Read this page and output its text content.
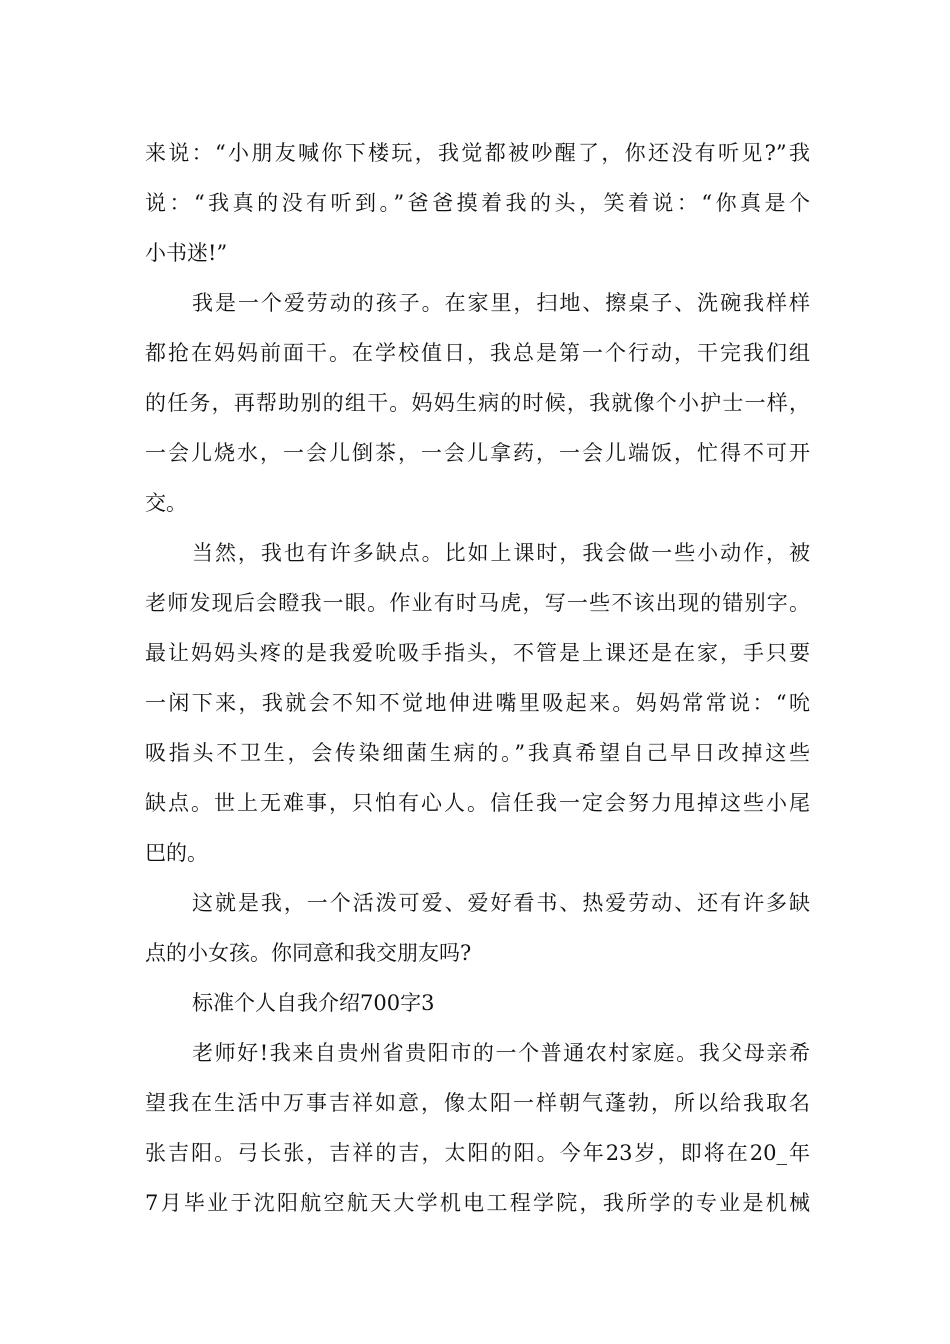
来说：“小朋友喊你下楼玩，我觉都被吵醒了，你还没有听见?”我
说：“我真的没有听到。”爸爸摸着我的头，笑着说：“你真是个
小书迷!”
我是一个爱劳动的孩子。在家里，扫地、擦桌子、洗碗我样样
都抢在妈妈前面干。在学校值日，我总是第一个行动，干完我们组
的任务，再帮助别的组干。妈妈生病的时候，我就像个小护士一样，
一会儿烧水，一会儿倒茶，一会儿拿药，一会儿端饭，忙得不可开
交。
当然，我也有许多缺点。比如上课时，我会做一些小动作，被
老师发现后会瞪我一眼。作业有时马虎，写一些不该出现的错别字。
最让妈妈头疼的是我爱吮吸手指头，不管是上课还是在家，手只要
一闲下来，我就会不知不觉地伸进嘴里吸起来。妈妈常常说：“吮
吸指头不卫生，会传染细菌生病的。”我真希望自己早日改掉这些
缺点。世上无难事，只怕有心人。信任我一定会努力甩掉这些小尾
巴的。
这就是我，一个活泼可爱、爱好看书、热爱劳动、还有许多缺
点的小女孩。你同意和我交朋友吗?
标准个人自我介绍700字3
老师好!我来自贵州省贵阳市的一个普通农村家庭。我父母亲希
望我在生活中万事吉祥如意，像太阳一样朝气蓬勃，所以给我取名
张吉阳。弓长张，吉祥的吉，太阳的阳。今年23岁，即将在20_年
7月毕业于沈阳航空航天大学机电工程学院，我所学的专业是机械
